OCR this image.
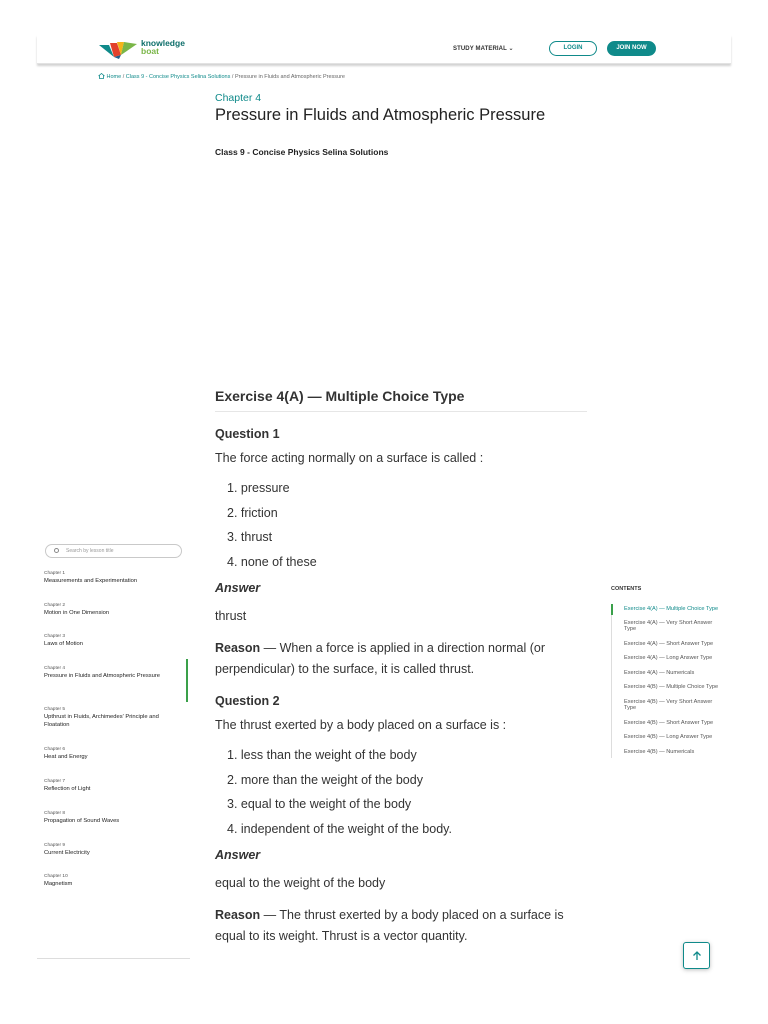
knowledge
boat	STUDY MATERIAL ⌄	LOGIN	JOIN NOW
Home / Class 9 - Concise Physics Selina Solutions / Pressure in Fluids and Atmospheric Pressure
Chapter 4
Pressure in Fluids and Atmospheric Pressure
Class 9 - Concise Physics Selina Solutions
Exercise 4(A) — Multiple Choice Type
Question 1
The force acting normally on a surface is called :
1. pressure
2. friction
3. thrust
4. none of these
Answer
thrust
Reason — When a force is applied in a direction normal (or perpendicular) to the surface, it is called thrust.
Question 2
The thrust exerted by a body placed on a surface is :
1. less than the weight of the body
2. more than the weight of the body
3. equal to the weight of the body
4. independent of the weight of the body.
Answer
equal to the weight of the body
Reason — The thrust exerted by a body placed on a surface is equal to its weight. Thrust is a vector quantity.
Search by lesson title
Chapter 1
Measurements and Experimentation
Chapter 2
Motion in One Dimension
Chapter 3
Laws of Motion
Chapter 4
Pressure in Fluids and Atmospheric Pressure
Chapter 5
Upthrust in Fluids, Archimedes' Principle and Floatation
Chapter 6
Heat and Energy
Chapter 7
Reflection of Light
Chapter 8
Propagation of Sound Waves
Chapter 9
Current Electricity
Chapter 10
Magnetism
CONTENTS
Exercise 4(A) — Multiple Choice Type
Exercise 4(A) — Very Short Answer Type
Exercise 4(A) — Short Answer Type
Exercise 4(A) — Long Answer Type
Exercise 4(A) — Numericals
Exercise 4(B) — Multiple Choice Type
Exercise 4(B) — Very Short Answer Type
Exercise 4(B) — Short Answer Type
Exercise 4(B) — Long Answer Type
Exercise 4(B) — Numericals
